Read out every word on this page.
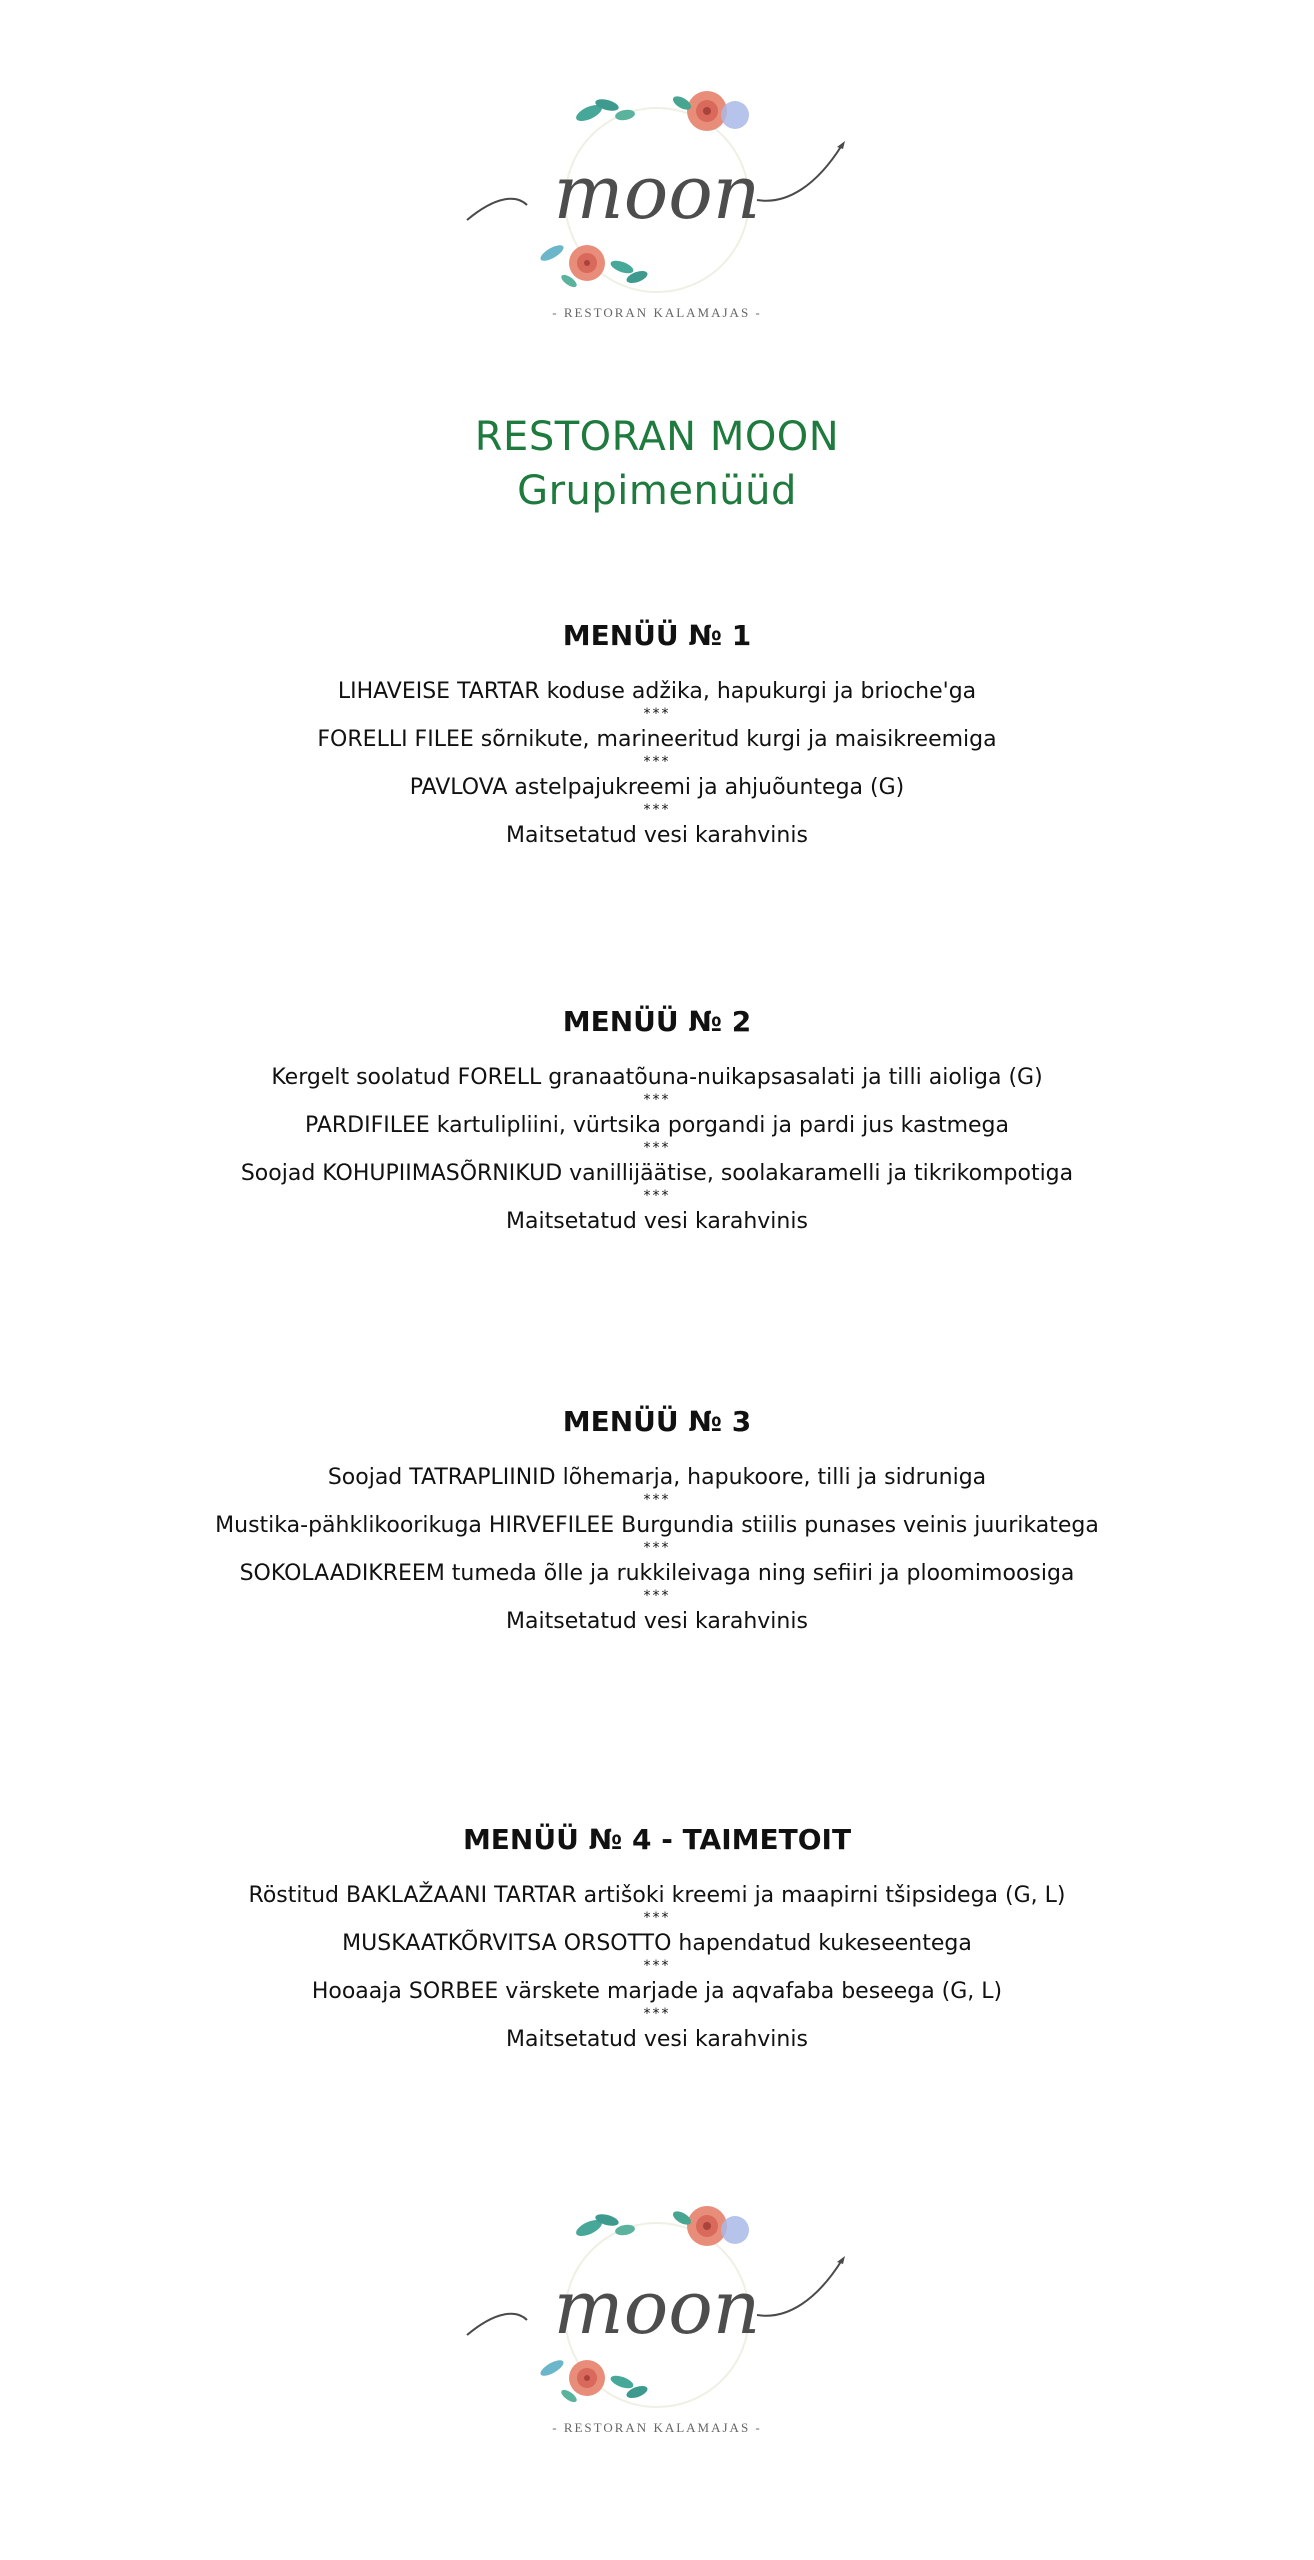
moon
- RESTORAN KALAMAJAS -
RESTORAN MOON
Grupimenüüd
MENÜÜ № 1
LIHAVEISE TARTAR koduse adžika, hapukurgi ja brioche'ga
***
FORELLI FILEE sõrnikute, marineeritud kurgi ja maisikreemiga
***
PAVLOVA astelpajukreemi ja ahjuõuntega (G)
***
Maitsetatud vesi karahvinis
MENÜÜ № 2
Kergelt soolatud FORELL granaatõuna-nuikapsasalati ja tilli aioliga (G)
***
PARDIFILEE kartulipliini, vürtsika porgandi ja pardi jus kastmega
***
Soojad KOHUPIIMASÕRNIKUD vanillijäätise, soolakaramelli ja tikrikompotiga
***
Maitsetatud vesi karahvinis
MENÜÜ № 3
Soojad TATRAPLIINID lõhemarja, hapukoore, tilli ja sidruniga
***
Mustika-pähklikoorikuga HIRVEFILEE Burgundia stiilis punases veinis juurikategа
***
SOKOLAADIKREEM tumeda õlle ja rukkileivaga ning sefiiri ja ploomimoosiga
***
Maitsetatud vesi karahvinis
MENÜÜ № 4 - TAIMETOIT
Röstitud BAKLAŽAANI TARTAR artišoki kreemi ja maapirni tšipsidega (G, L)
***
MUSKAATKÕRVITSA ORSOTTO hapendatud kukeseentega
***
Hooaaja SORBEE värskete marjade ja aqvafaba beseega (G, L)
***
Maitsetatud vesi karahvinis
moon
- RESTORAN KALAMAJAS -
